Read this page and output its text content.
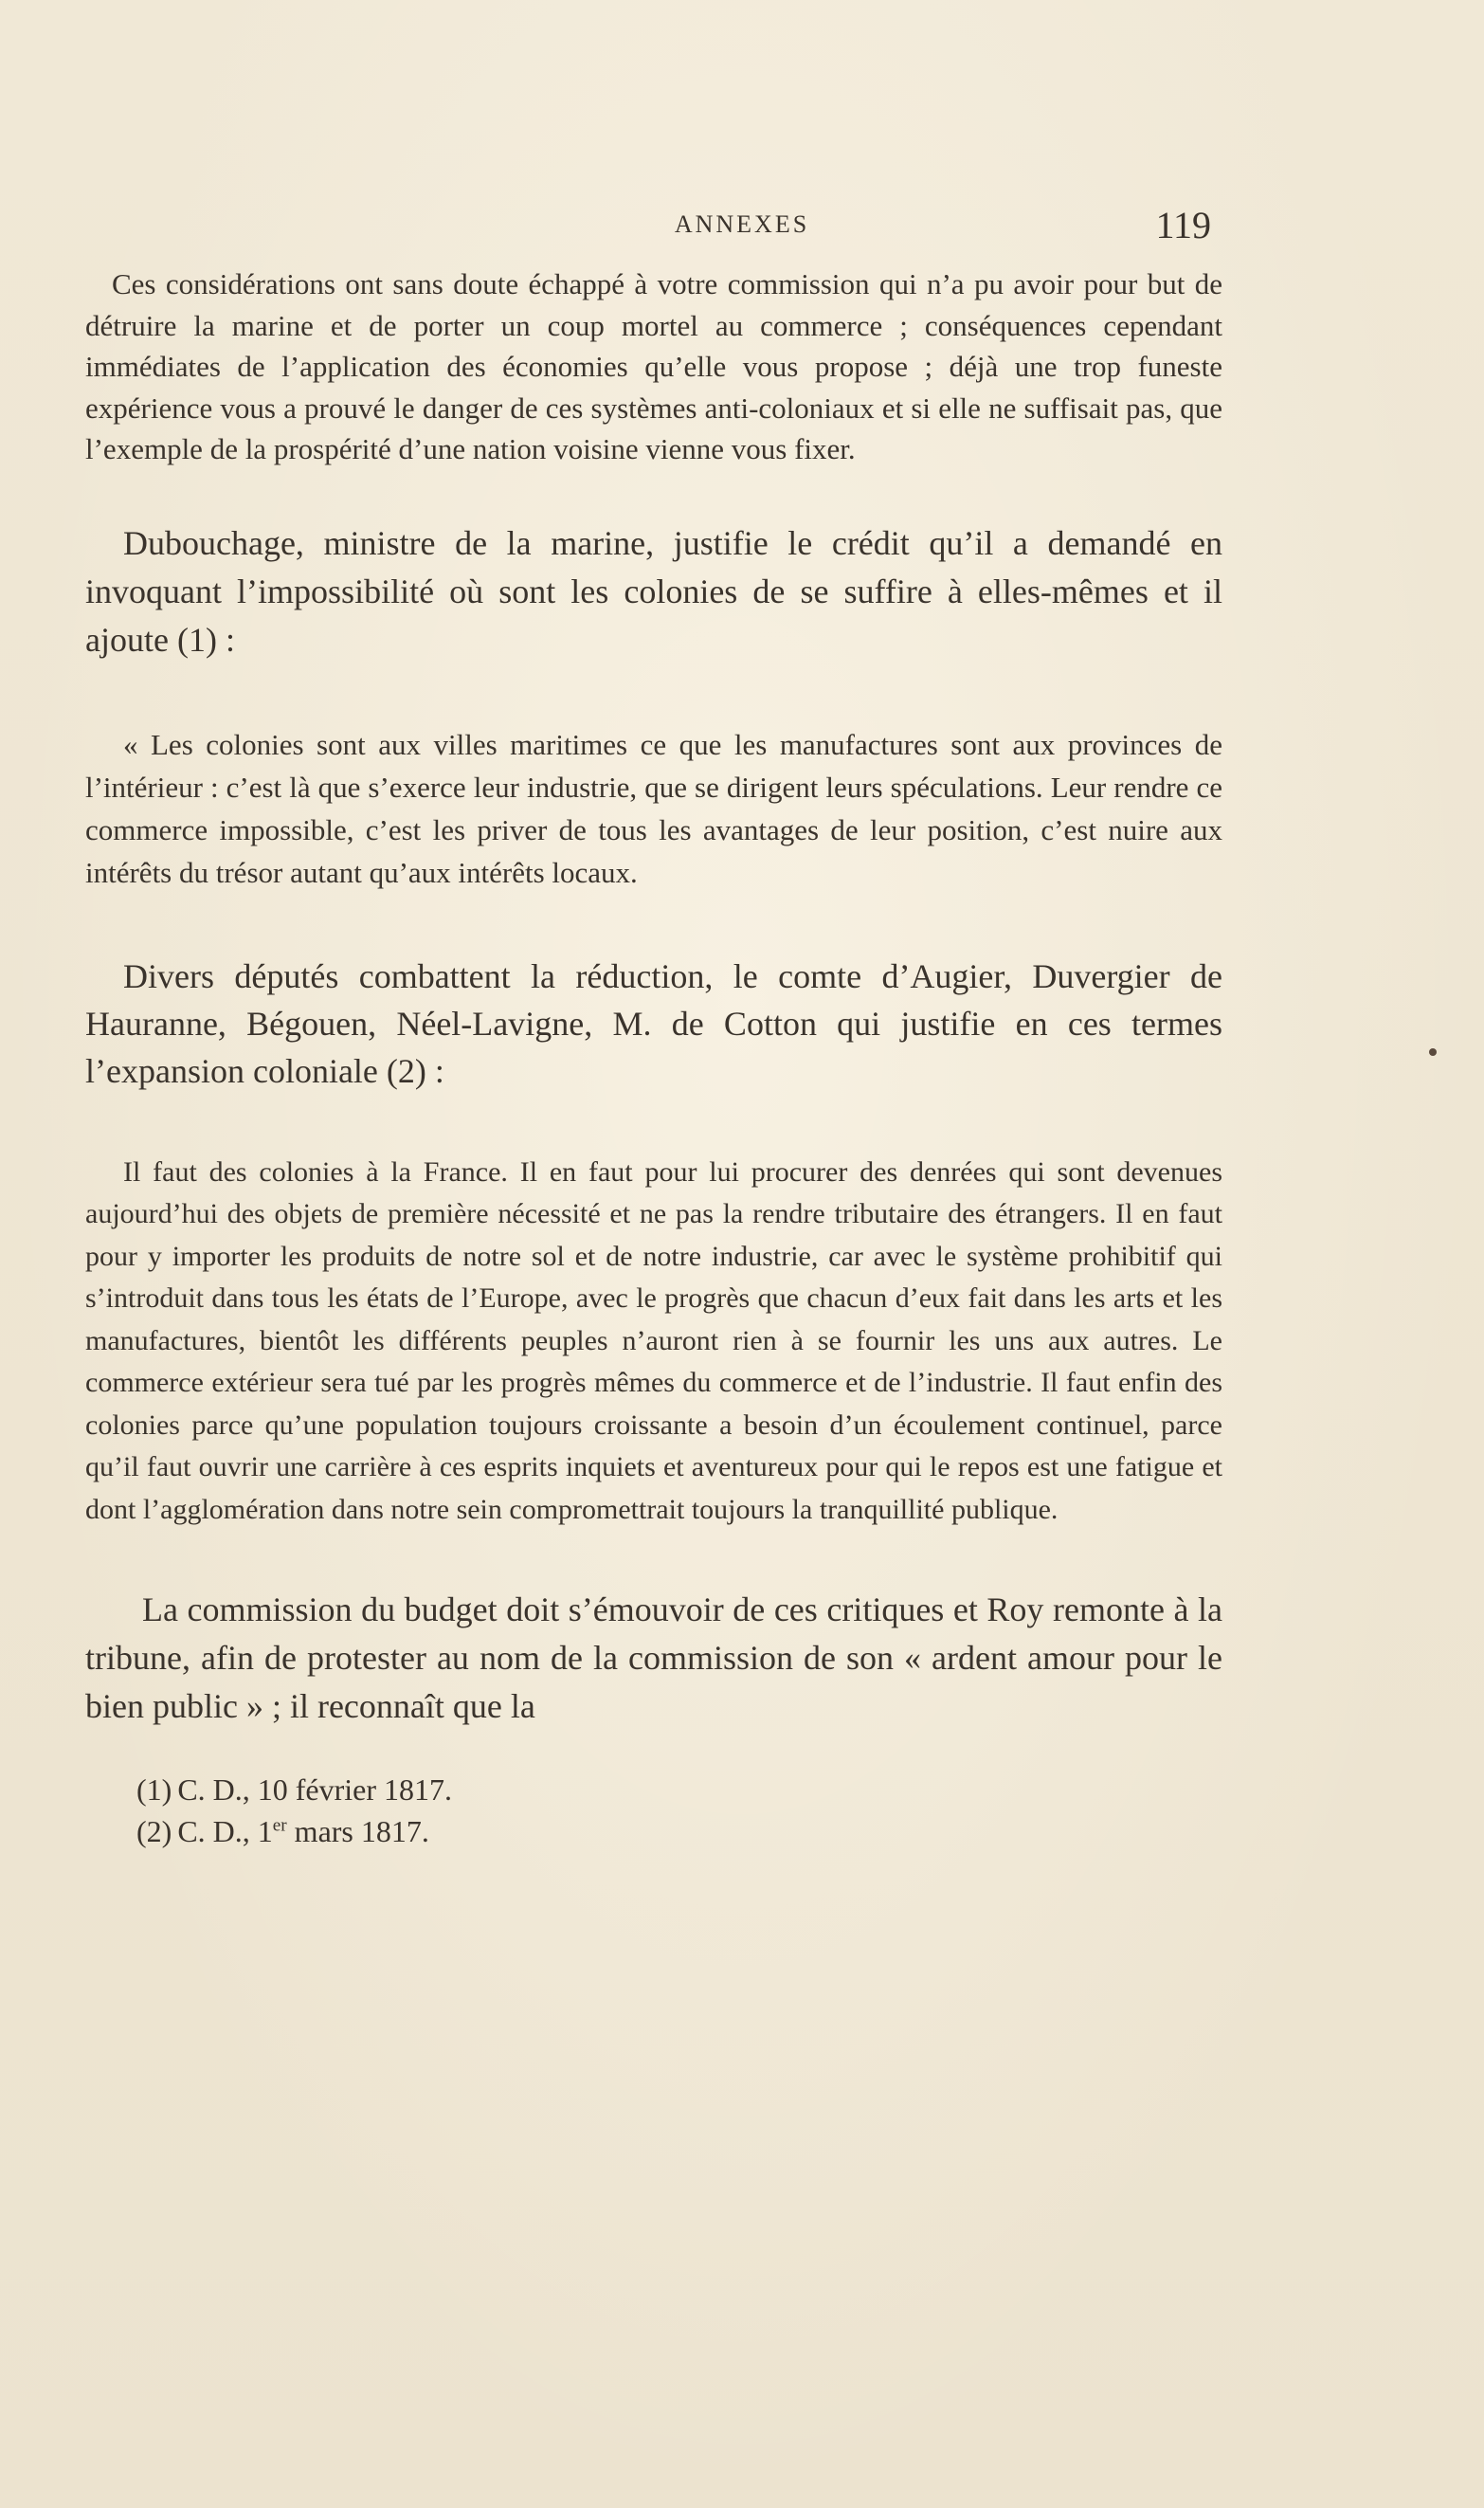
ANNEXES	119

Ces considérations ont sans doute échappé à votre commission qui n’a pu avoir pour but de détruire la marine et de porter un coup mortel au commerce ; conséquences cependant immédiates de l’application des économies qu’elle vous propose ; déjà une trop funeste expérience vous a prouvé le danger de ces systèmes anti-coloniaux et si elle ne suffisait pas, que l’exemple de la prospérité d’une nation voisine vienne vous fixer.

Dubouchage, ministre de la marine, justifie le crédit qu’il a demandé en invoquant l’impossibilité où sont les colonies de se suffire à elles-mêmes et il ajoute (1) :

« Les colonies sont aux villes maritimes ce que les manufactures sont aux provinces de l’intérieur : c’est là que s’exerce leur industrie, que se dirigent leurs spéculations. Leur rendre ce commerce impossible, c’est les priver de tous les avantages de leur position, c’est nuire aux intérêts du trésor autant qu’aux intérêts locaux.

Divers députés combattent la réduction, le comte d’Augier, Duvergier de Hauranne, Bégouen, Néel-Lavigne, M. de Cotton qui justifie en ces termes l’expansion coloniale (2) :

Il faut des colonies à la France. Il en faut pour lui procurer des denrées qui sont devenues aujourd’hui des objets de première nécessité et ne pas la rendre tributaire des étrangers. Il en faut pour y importer les produits de notre sol et de notre industrie, car avec le système prohibitif qui s’introduit dans tous les états de l’Europe, avec le progrès que chacun d’eux fait dans les arts et les manufactures, bientôt les différents peuples n’auront rien à se fournir les uns aux autres. Le commerce extérieur sera tué par les progrès mêmes du commerce et de l’industrie. Il faut enfin des colonies parce qu’une population toujours croissante a besoin d’un écoulement continuel, parce qu’il faut ouvrir une carrière à ces esprits inquiets et aventureux pour qui le repos est une fatigue et dont l’agglomération dans notre sein compromettrait toujours la tranquillité publique.

La commission du budget doit s’émouvoir de ces critiques et Roy remonte à la tribune, afin de protester au nom de la commission de son « ardent amour pour le bien public » ; il reconnaît que la

(1) C. D., 10 février 1817.
(2) C. D., 1er mars 1817.
